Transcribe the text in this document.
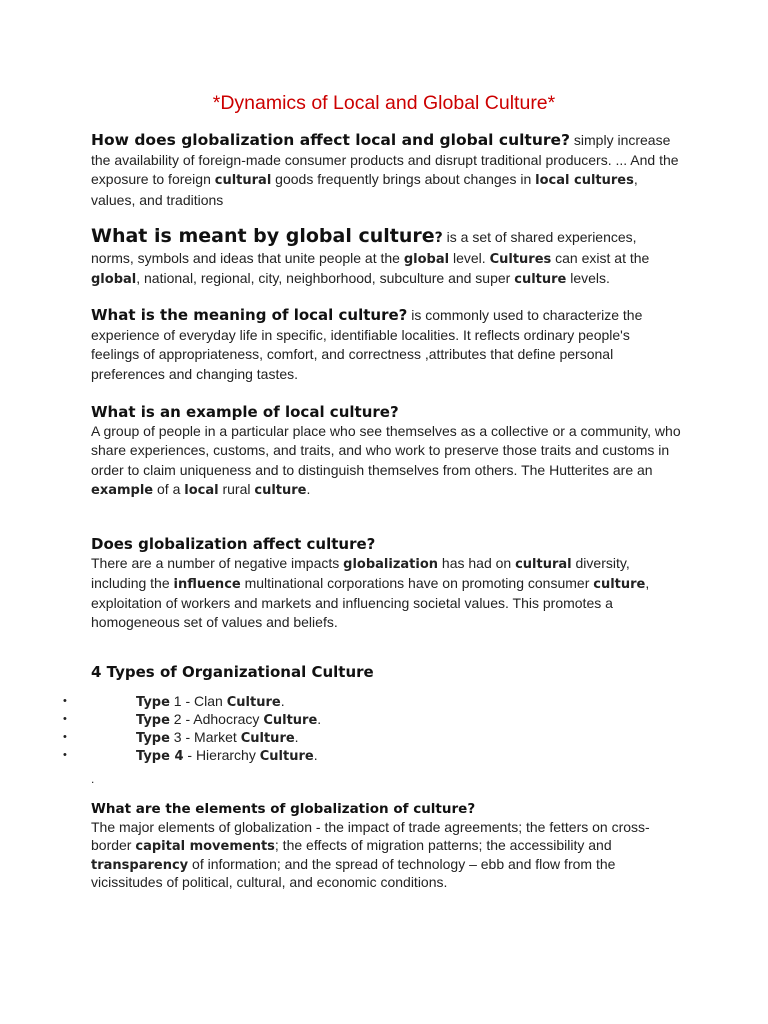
*Dynamics of Local and Global Culture*
How does globalization affect local and global culture? simply increase the availability of foreign-made consumer products and disrupt traditional producers. ... And the exposure to foreign cultural goods frequently brings about changes in local cultures, values, and traditions
What is meant by global culture? is a set of shared experiences, norms, symbols and ideas that unite people at the global level. Cultures can exist at the global, national, regional, city, neighborhood, subculture and super culture levels.
What is the meaning of local culture? is commonly used to characterize the experience of everyday life in specific, identifiable localities. It reflects ordinary people's feelings of appropriateness, comfort, and correctness ,attributes that define personal preferences and changing tastes.
What is an example of local culture?
A group of people in a particular place who see themselves as a collective or a community, who share experiences, customs, and traits, and who work to preserve those traits and customs in order to claim uniqueness and to distinguish themselves from others. The Hutterites are an example of a local rural culture.
Does globalization affect culture?
There are a number of negative impacts globalization has had on cultural diversity, including the influence multinational corporations have on promoting consumer culture, exploitation of workers and markets and influencing societal values. This promotes a homogeneous set of values and beliefs.
4 Types of Organizational Culture
•	Type 1 - Clan Culture.
•	Type 2 - Adhocracy Culture.
•	Type 3 - Market Culture.
•	Type 4 - Hierarchy Culture.
.
What are the elements of globalization of culture?
The major elements of globalization - the impact of trade agreements; the fetters on cross- border capital movements; the effects of migration patterns; the accessibility and transparency of information; and the spread of technology – ebb and flow from the vicissitudes of political, cultural, and economic conditions.
